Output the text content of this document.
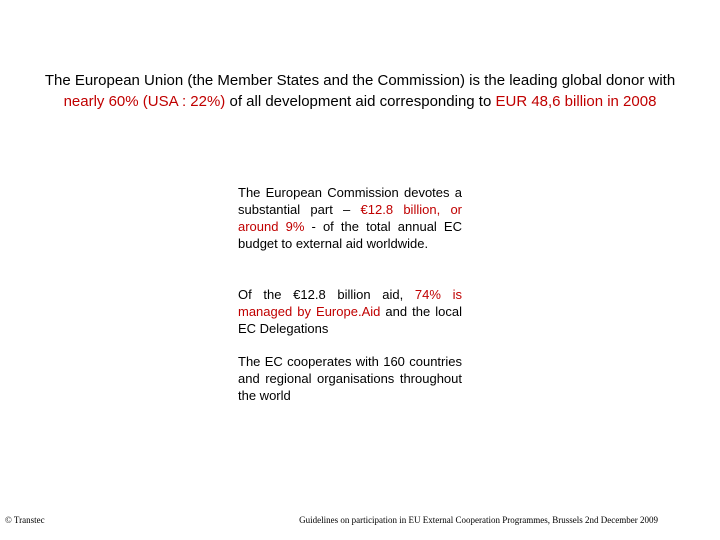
The European Union (the Member States and the Commission) is the leading global donor with nearly 60% (USA : 22%) of all development aid corresponding to EUR 48,6 billion in 2008
The European Commission devotes a substantial part – €12.8 billion, or around 9% - of the total annual EC budget to external aid worldwide.
Of the €12.8 billion aid, 74% is managed by Europe.Aid and the local EC Delegations
The EC cooperates with 160 countries and regional organisations throughout the world
© Transtec	Guidelines on participation in EU External Cooperation Programmes, Brussels 2nd December 2009
